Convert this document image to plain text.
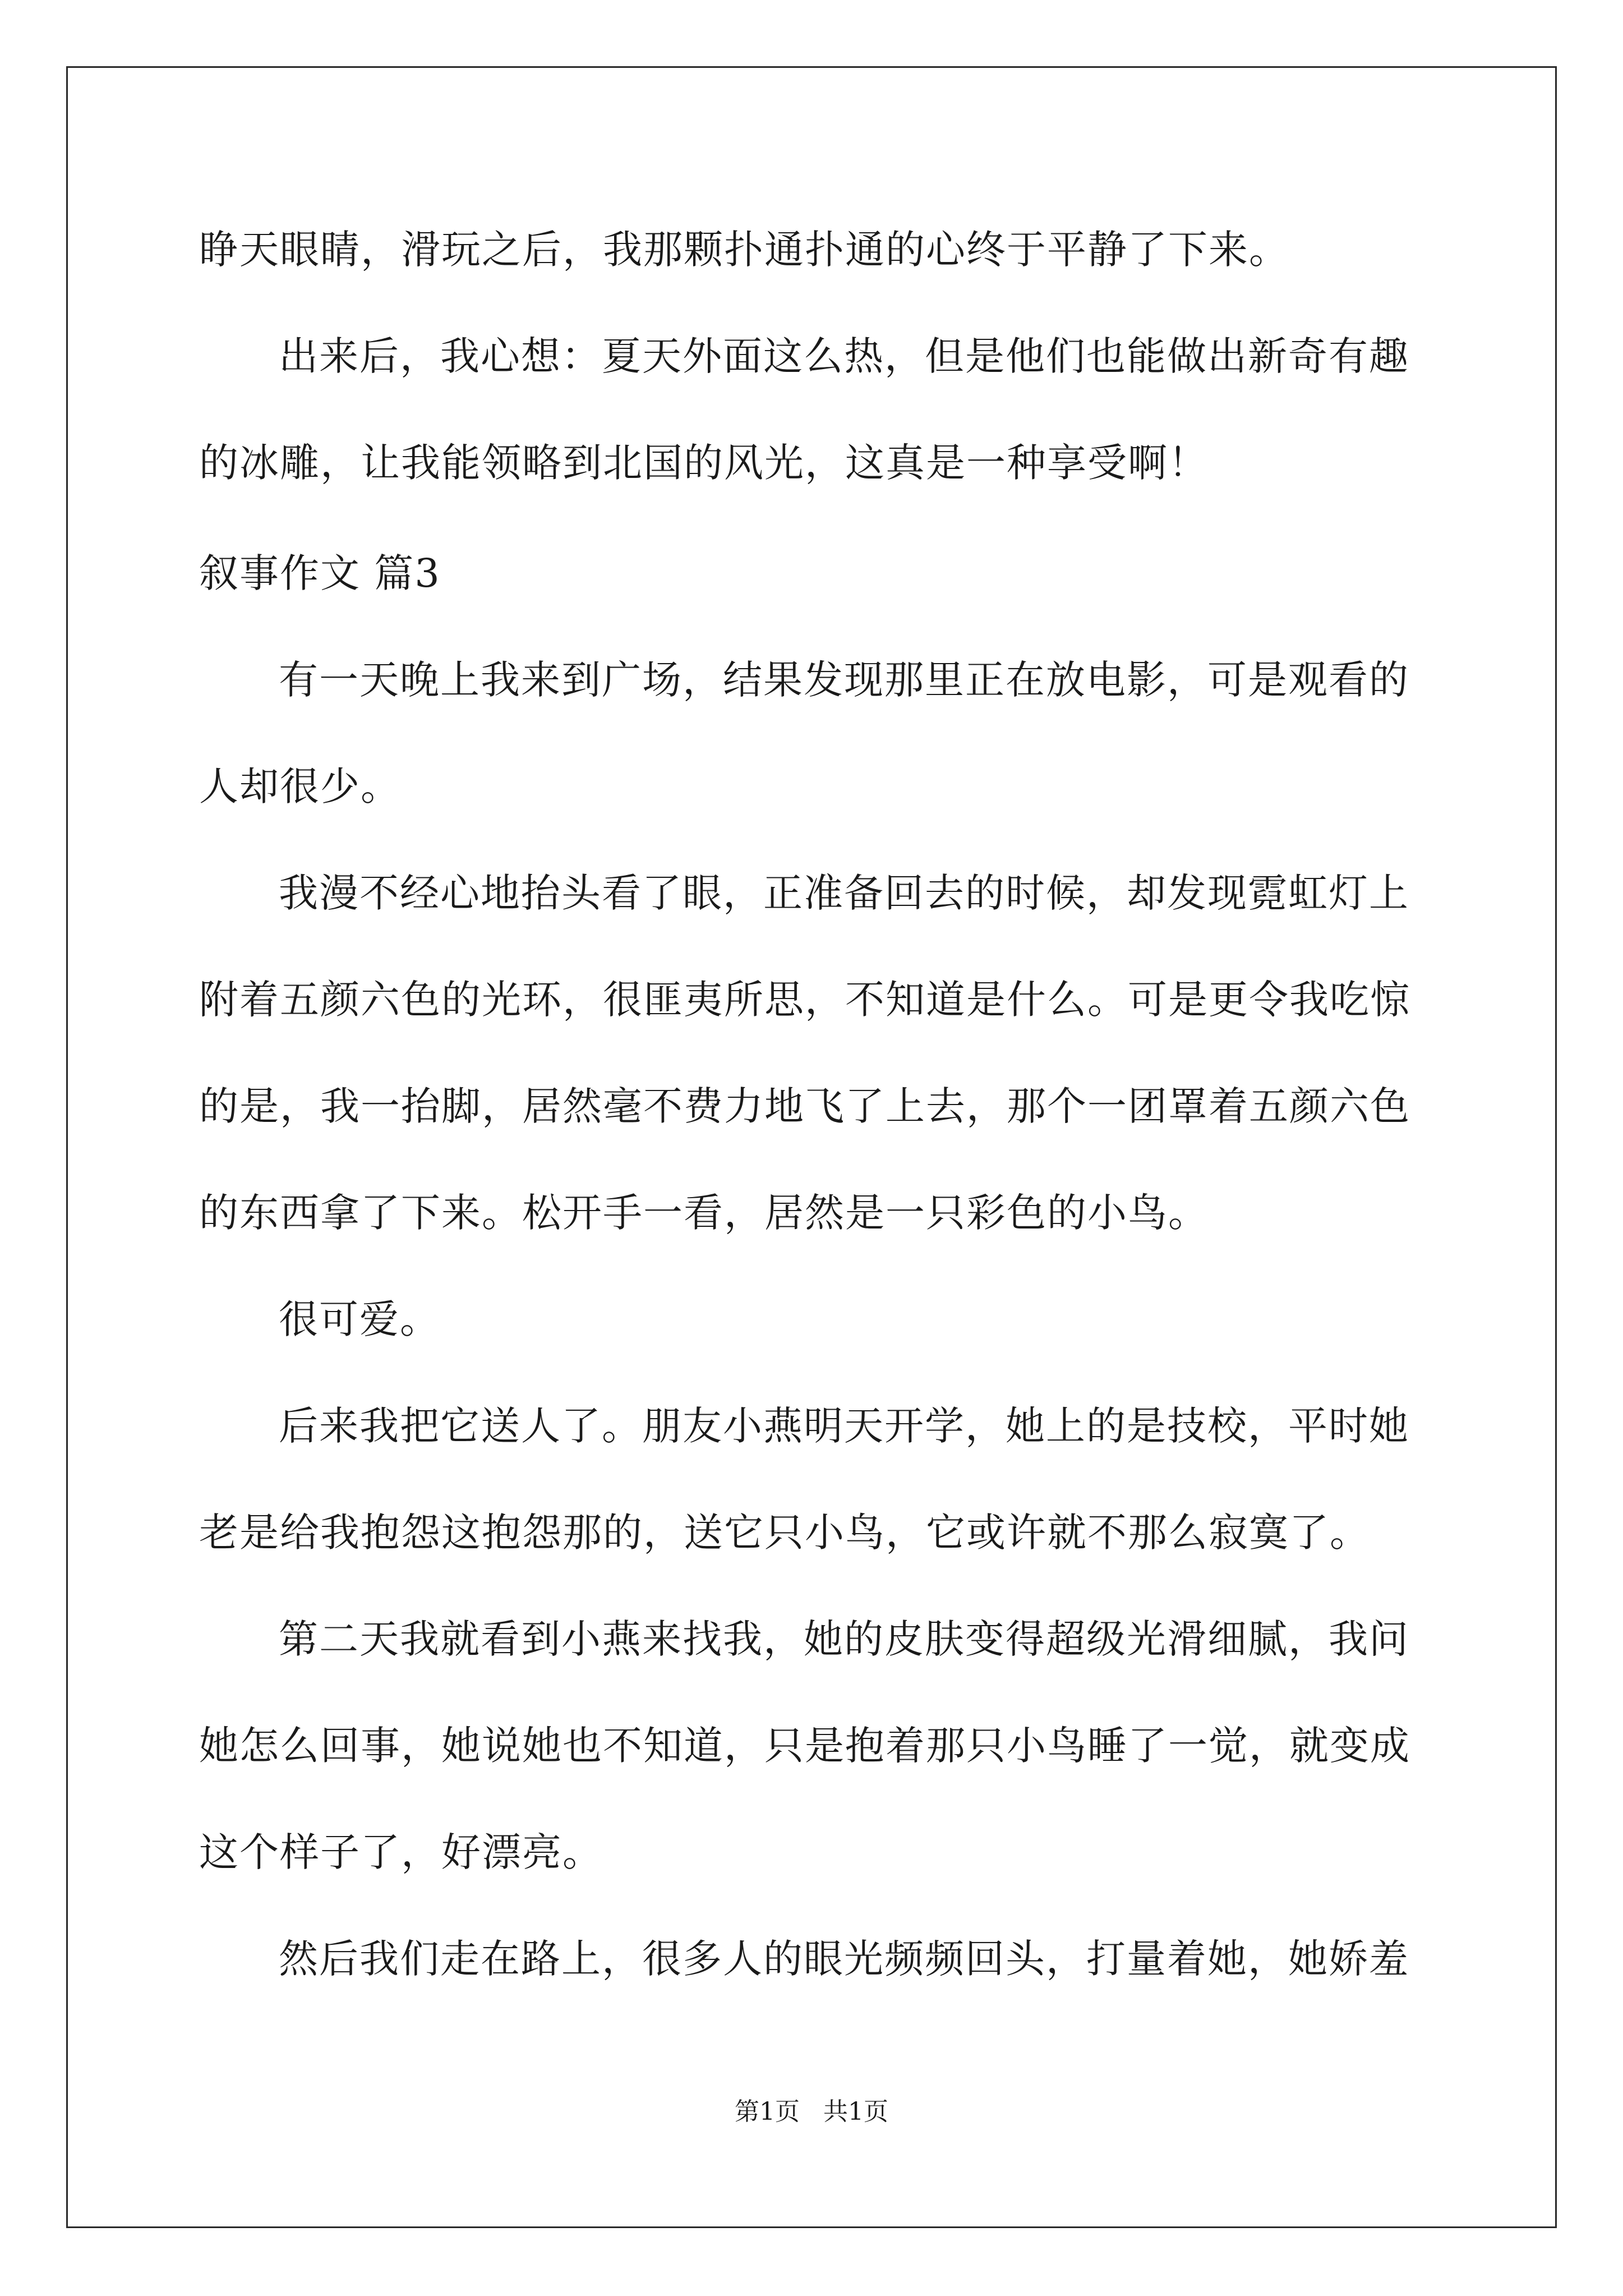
睁天眼睛，滑玩之后，我那颗扑通扑通的心终于平静了下来。

出来后，我心想：夏天外面这么热，但是他们也能做出新奇有趣

的冰雕，让我能领略到北国的风光，这真是一种享受啊！

叙事作文 篇3

有一天晚上我来到广场，结果发现那里正在放电影，可是观看的

人却很少。

我漫不经心地抬头看了眼，正准备回去的时候，却发现霓虹灯上

附着五颜六色的光环，很匪夷所思，不知道是什么。可是更令我吃惊

的是，我一抬脚，居然毫不费力地飞了上去，那个一团罩着五颜六色

的东西拿了下来。松开手一看，居然是一只彩色的小鸟。

很可爱。

后来我把它送人了。朋友小燕明天开学，她上的是技校，平时她

老是给我抱怨这抱怨那的，送它只小鸟，它或许就不那么寂寞了。

第二天我就看到小燕来找我，她的皮肤变得超级光滑细腻，我问

她怎么回事，她说她也不知道，只是抱着那只小鸟睡了一觉，就变成

这个样子了，好漂亮。

然后我们走在路上，很多人的眼光频频回头，打量着她，她娇羞

第1页   共1页
